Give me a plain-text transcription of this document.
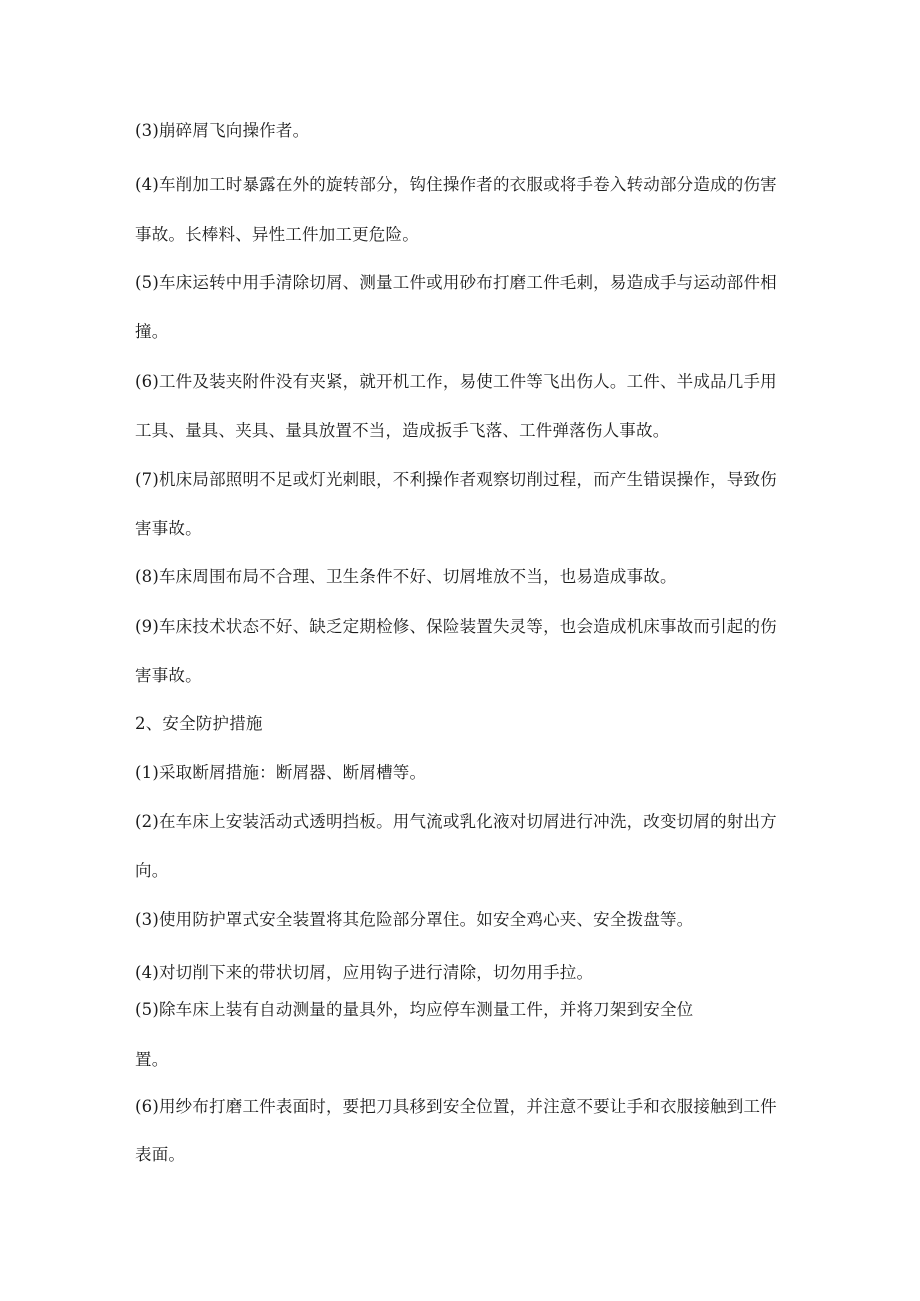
(3)崩碎屑飞向操作者。
(4)车削加工时暴露在外的旋转部分，钩住操作者的衣服或将手卷入转动部分造成的伤害
事故。长棒料、异性工件加工更危险。
(5)车床运转中用手清除切屑、测量工件或用砂布打磨工件毛刺，易造成手与运动部件相
撞。
(6)工件及装夹附件没有夹紧，就开机工作，易使工件等飞出伤人。工件、半成品几手用
工具、量具、夹具、量具放置不当，造成扳手飞落、工件弹落伤人事故。
(7)机床局部照明不足或灯光刺眼，不利操作者观察切削过程，而产生错误操作，导致伤
害事故。
(8)车床周围布局不合理、卫生条件不好、切屑堆放不当，也易造成事故。
(9)车床技术状态不好、缺乏定期检修、保险装置失灵等，也会造成机床事故而引起的伤
害事故。
2、安全防护措施
(1)采取断屑措施：断屑器、断屑槽等。
(2)在车床上安装活动式透明挡板。用气流或乳化液对切屑进行冲洗，改变切屑的射出方
向。
(3)使用防护罩式安全装置将其危险部分罩住。如安全鸡心夹、安全拨盘等。
(4)对切削下来的带状切屑，应用钩子进行清除，切勿用手拉。
(5)除车床上装有自动测量的量具外，均应停车测量工件，并将刀架到安全位
置。
(6)用纱布打磨工件表面时，要把刀具移到安全位置，并注意不要让手和衣服接触到工件
表面。
